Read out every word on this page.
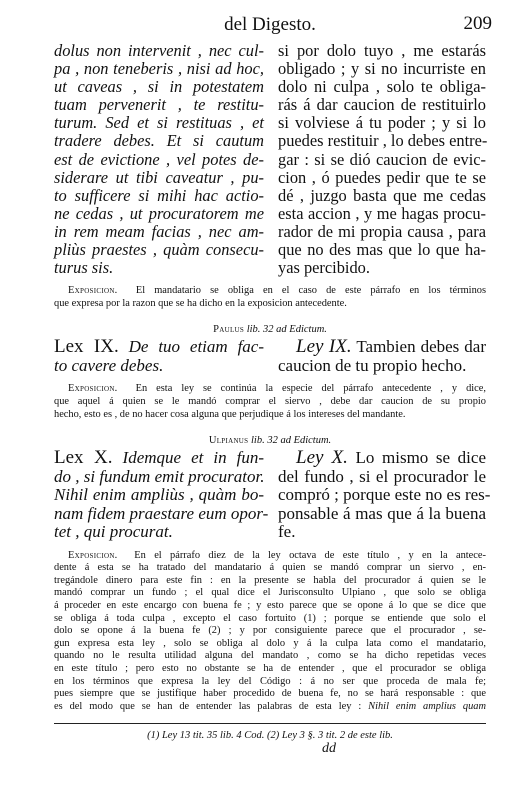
del Digesto.	209
dolus non intervenit , nec cul-
pa , non teneberis , nisi ad hoc,
ut caveas , si in potestatem
tuam pervenerit , te restitu-
turum. Sed et si restituas , et
tradere debes. Et si cautum
est de evictione , vel potes de-
siderare ut tibi caveatur , pu-
to sufficere si mihi hac actio-
ne cedas , ut procuratorem me
in rem meam facias , nec am-
pliùs praestes , quàm consecu-
turus sis.
si por dolo tuyo , me estarás
obligado ; y si no incurriste en
dolo ni culpa , solo te obliga-
rás á dar caucion de restituirlo
si volviese á tu poder ; y si lo
puedes restituir , lo debes entre-
gar : si se dió caucion de evic-
cion , ó puedes pedir que te se
dé , juzgo basta que me cedas
esta accion , y me hagas procu-
rador de mi propia causa , para
que no des mas que lo que ha-
yas percibido.
Exposicion. El mandatario se obliga en el caso de este párrafo en los términos
que expresa por la razon que se ha dicho en la exposicion antecedente.
Paulus lib. 32 ad Edictum.
Lex IX. De tuo etiam fac-
to cavere debes.
Ley IX. Tambien debes dar
caucion de tu propio hecho.
Exposicion. En esta ley se continúa la especie del párrafo antecedente , y dice,
que aquel á quien se le mandó comprar el siervo , debe dar caucion de su propio
hecho, esto es , de no hacer cosa alguna que perjudique á los intereses del mandante.
Ulpianus lib. 32 ad Edictum.
Lex X. Idemque et in fun-
do , si fundum emit procurator.
Nihil enim ampliùs , quàm bo-
nam fidem praestare eum opor-
tet , qui procurat.
Ley X. Lo mismo se dice
del fundo , si el procurador le
compró ; porque este no es res-
ponsable á mas que á la buena
fe.
Exposicion. En el párrafo diez de la ley octava de este título , y en la antece-
dente á esta se ha tratado del mandatario á quien se mandó comprar un siervo , en-
tregándole dinero para este fin : en la presente se habla del procurador á quien se le
mandó comprar un fundo ; el qual dice el Jurisconsulto Ulpiano , que solo se obliga
á proceder en este encargo con buena fe ; y esto parece que se opone á lo que se dice que
se obliga á toda culpa , excepto el caso fortuito (1) ; porque se entiende que solo el
dolo se opone á la buena fe (2) ; y por consiguiente parece que el procurador , se-
gun expresa esta ley , solo se obliga al dolo y á la culpa lata como el mandatario,
quando no le resulta utilidad alguna del mandato , como se ha dicho repetidas veces
en este título ; pero esto no obstante se ha de entender , que el procurador se obliga
en los términos que expresa la ley del Código : á no ser que proceda de mala fe;
pues siempre que se justifique haber procedido de buena fe, no se hará responsable : que
es del modo que se han de entender las palabras de esta ley : Nihil enim amplius quam
(1) Ley 13 tit. 35 lib. 4 Cod. (2) Ley 3 §. 3 tit. 2 de este lib.
dd
